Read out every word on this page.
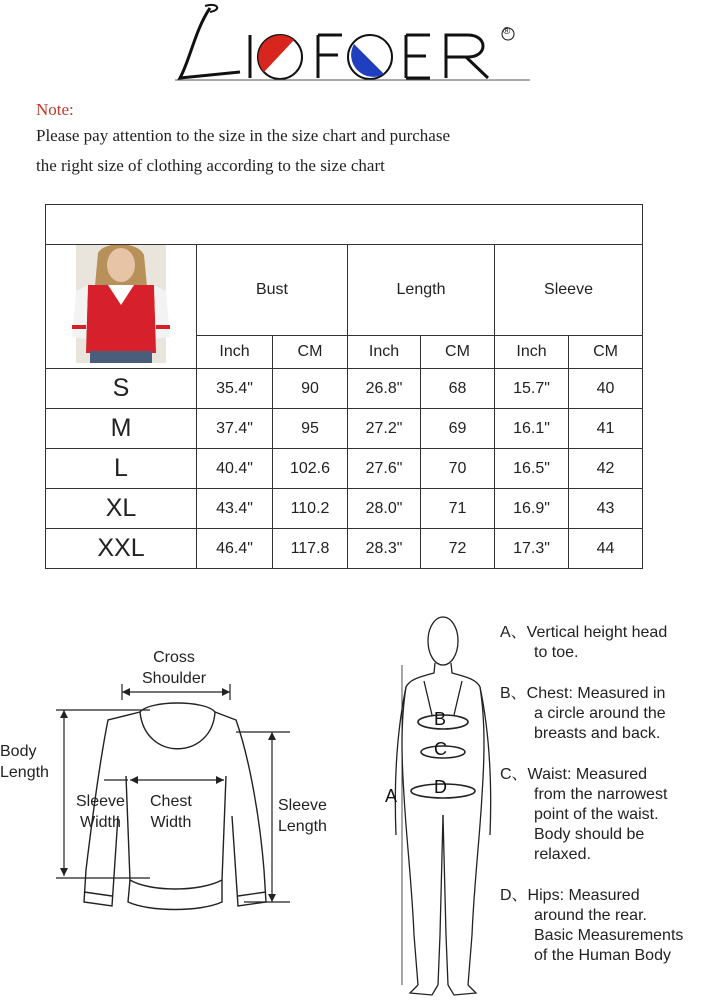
®
Note:
Please pay attention to the size in the size chart and purchase
the right size of clothing according to the size chart

	Bust		Length		Sleeve	
	Inch	CM	Inch	CM	Inch	CM
S	35.4"	90	26.8"	68	15.7"	40
M	37.4"	95	27.2"	69	16.1"	41
L	40.4"	102.6	27.6"	70	16.5"	42
XL	43.4"	110.2	28.0"	71	16.9"	43
XXL	46.4"	117.8	28.3"	72	17.3"	44
Cross
Shoulder
Body
Length
Sleeve
Width
Chest
Width
Sleeve
Length
B
C
D
A
A、Vertical height head
to toe.
B、Chest: Measured in
a circle around the
breasts and back.
C、Waist: Measured
from the narrowest
point of the waist.
Body should be
relaxed.
D、Hips: Measured
around the rear.
Basic Measurements
of the Human Body
